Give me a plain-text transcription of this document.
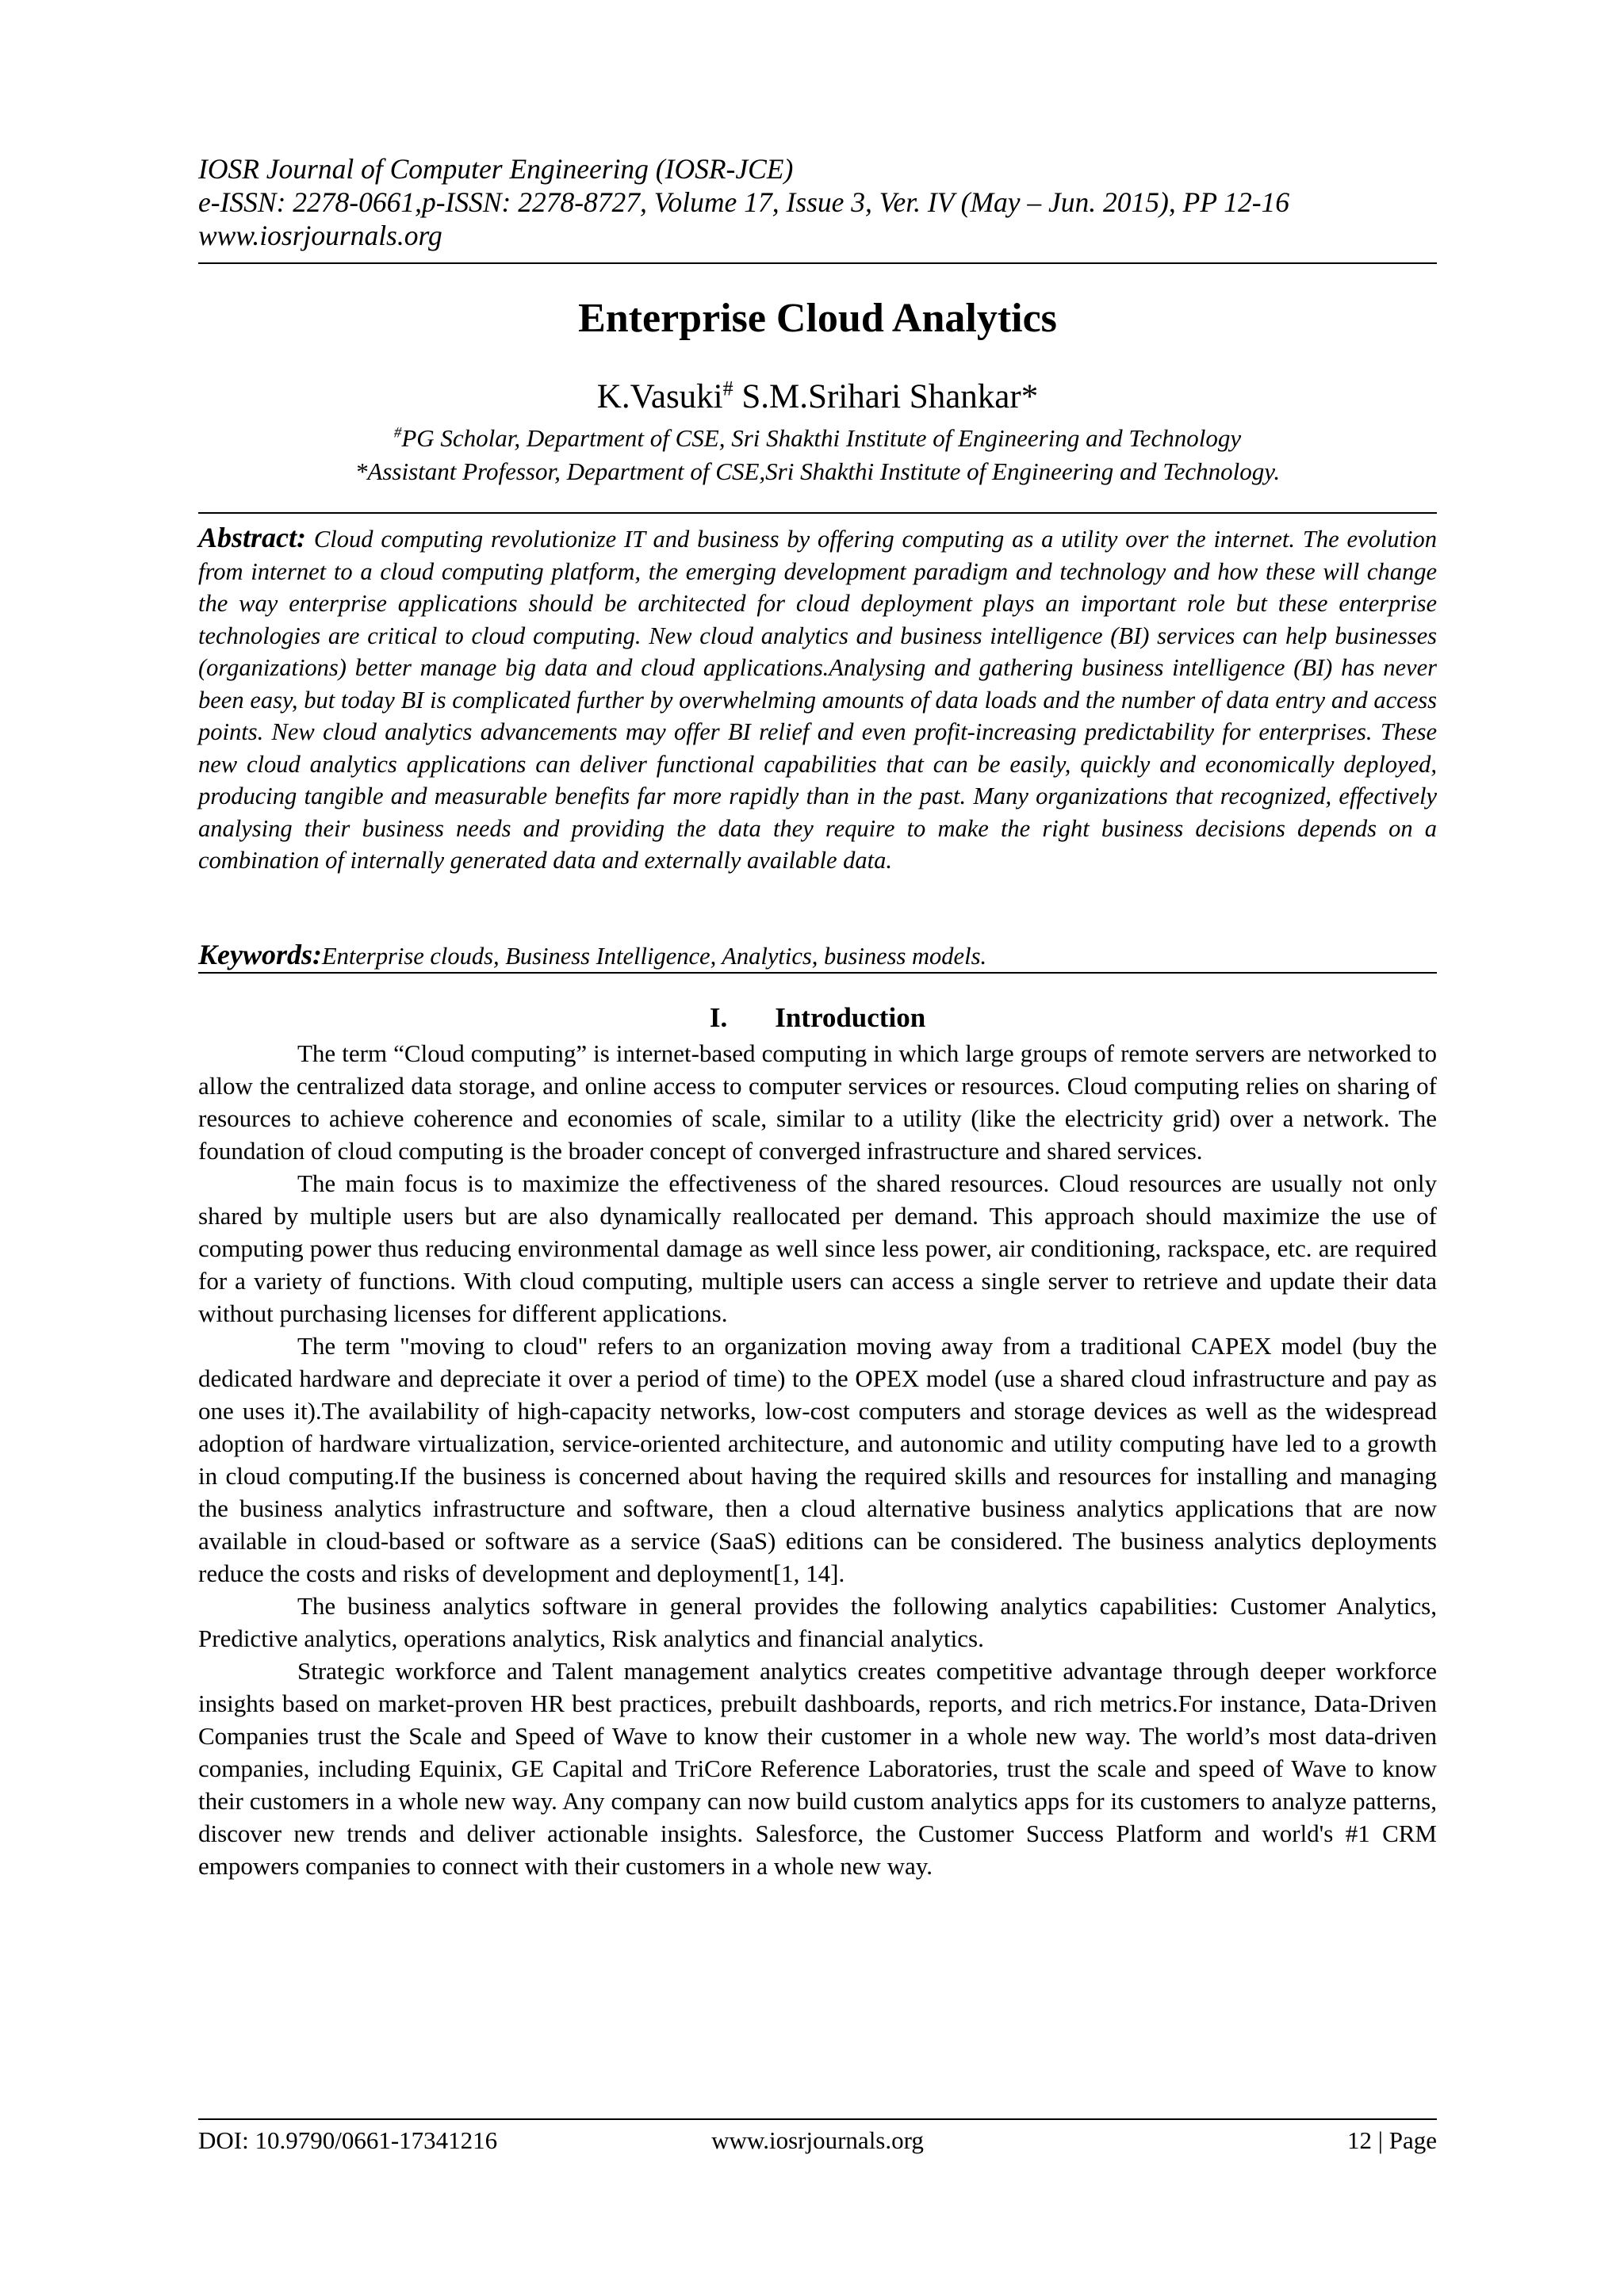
IOSR Journal of Computer Engineering (IOSR-JCE)
e-ISSN: 2278-0661,p-ISSN: 2278-8727, Volume 17, Issue 3, Ver. IV (May – Jun. 2015), PP 12-16
www.iosrjournals.org
Enterprise Cloud Analytics
K.Vasuki# S.M.Srihari Shankar*
#PG Scholar, Department of CSE, Sri Shakthi Institute of Engineering and Technology
*Assistant Professor, Department of CSE,Sri Shakthi Institute of Engineering and Technology.
Abstract: Cloud computing revolutionize IT and business by offering computing as a utility over the internet. The evolution from internet to a cloud computing platform, the emerging development paradigm and technology and how these will change the way enterprise applications should be architected for cloud deployment plays an important role but these enterprise technologies are critical to cloud computing. New cloud analytics and business intelligence (BI) services can help businesses (organizations) better manage big data and cloud applications.Analysing and gathering business intelligence (BI) has never been easy, but today BI is complicated further by overwhelming amounts of data loads and the number of data entry and access points. New cloud analytics advancements may offer BI relief and even profit-increasing predictability for enterprises. These new cloud analytics applications can deliver functional capabilities that can be easily, quickly and economically deployed, producing tangible and measurable benefits far more rapidly than in the past. Many organizations that recognized, effectively analysing their business needs and providing the data they require to make the right business decisions depends on a combination of internally generated data and externally available data.
Keywords:Enterprise clouds, Business Intelligence, Analytics, business models.
I. Introduction

The term “Cloud computing” is internet-based computing in which large groups of remote servers are networked to allow the centralized data storage, and online access to computer services or resources. Cloud computing relies on sharing of resources to achieve coherence and economies of scale, similar to a utility (like the electricity grid) over a network. The foundation of cloud computing is the broader concept of converged infrastructure and shared services.

The main focus is to maximize the effectiveness of the shared resources. Cloud resources are usually not only shared by multiple users but are also dynamically reallocated per demand. This approach should maximize the use of computing power thus reducing environmental damage as well since less power, air conditioning, rackspace, etc. are required for a variety of functions. With cloud computing, multiple users can access a single server to retrieve and update their data without purchasing licenses for different applications.

The term "moving to cloud" refers to an organization moving away from a traditional CAPEX model (buy the dedicated hardware and depreciate it over a period of time) to the OPEX model (use a shared cloud infrastructure and pay as one uses it).The availability of high-capacity networks, low-cost computers and storage devices as well as the widespread adoption of hardware virtualization, service-oriented architecture, and autonomic and utility computing have led to a growth in cloud computing.If the business is concerned about having the required skills and resources for installing and managing the business analytics infrastructure and software, then a cloud alternative business analytics applications that are now available in cloud-based or software as a service (SaaS) editions can be considered. The business analytics deployments reduce the costs and risks of development and deployment[1, 14].

The business analytics software in general provides the following analytics capabilities: Customer Analytics, Predictive analytics, operations analytics, Risk analytics and financial analytics.

Strategic workforce and Talent management analytics creates competitive advantage through deeper workforce insights based on market-proven HR best practices, prebuilt dashboards, reports, and rich metrics.For instance, Data-Driven Companies trust the Scale and Speed of Wave to know their customer in a whole new way. The world’s most data-driven companies, including Equinix, GE Capital and TriCore Reference Laboratories, trust the scale and speed of Wave to know their customers in a whole new way. Any company can now build custom analytics apps for its customers to analyze patterns, discover new trends and deliver actionable insights. Salesforce, the Customer Success Platform and world's #1 CRM empowers companies to connect with their customers in a whole new way.

DOI: 10.9790/0661-17341216	www.iosrjournals.org	12 | Page
